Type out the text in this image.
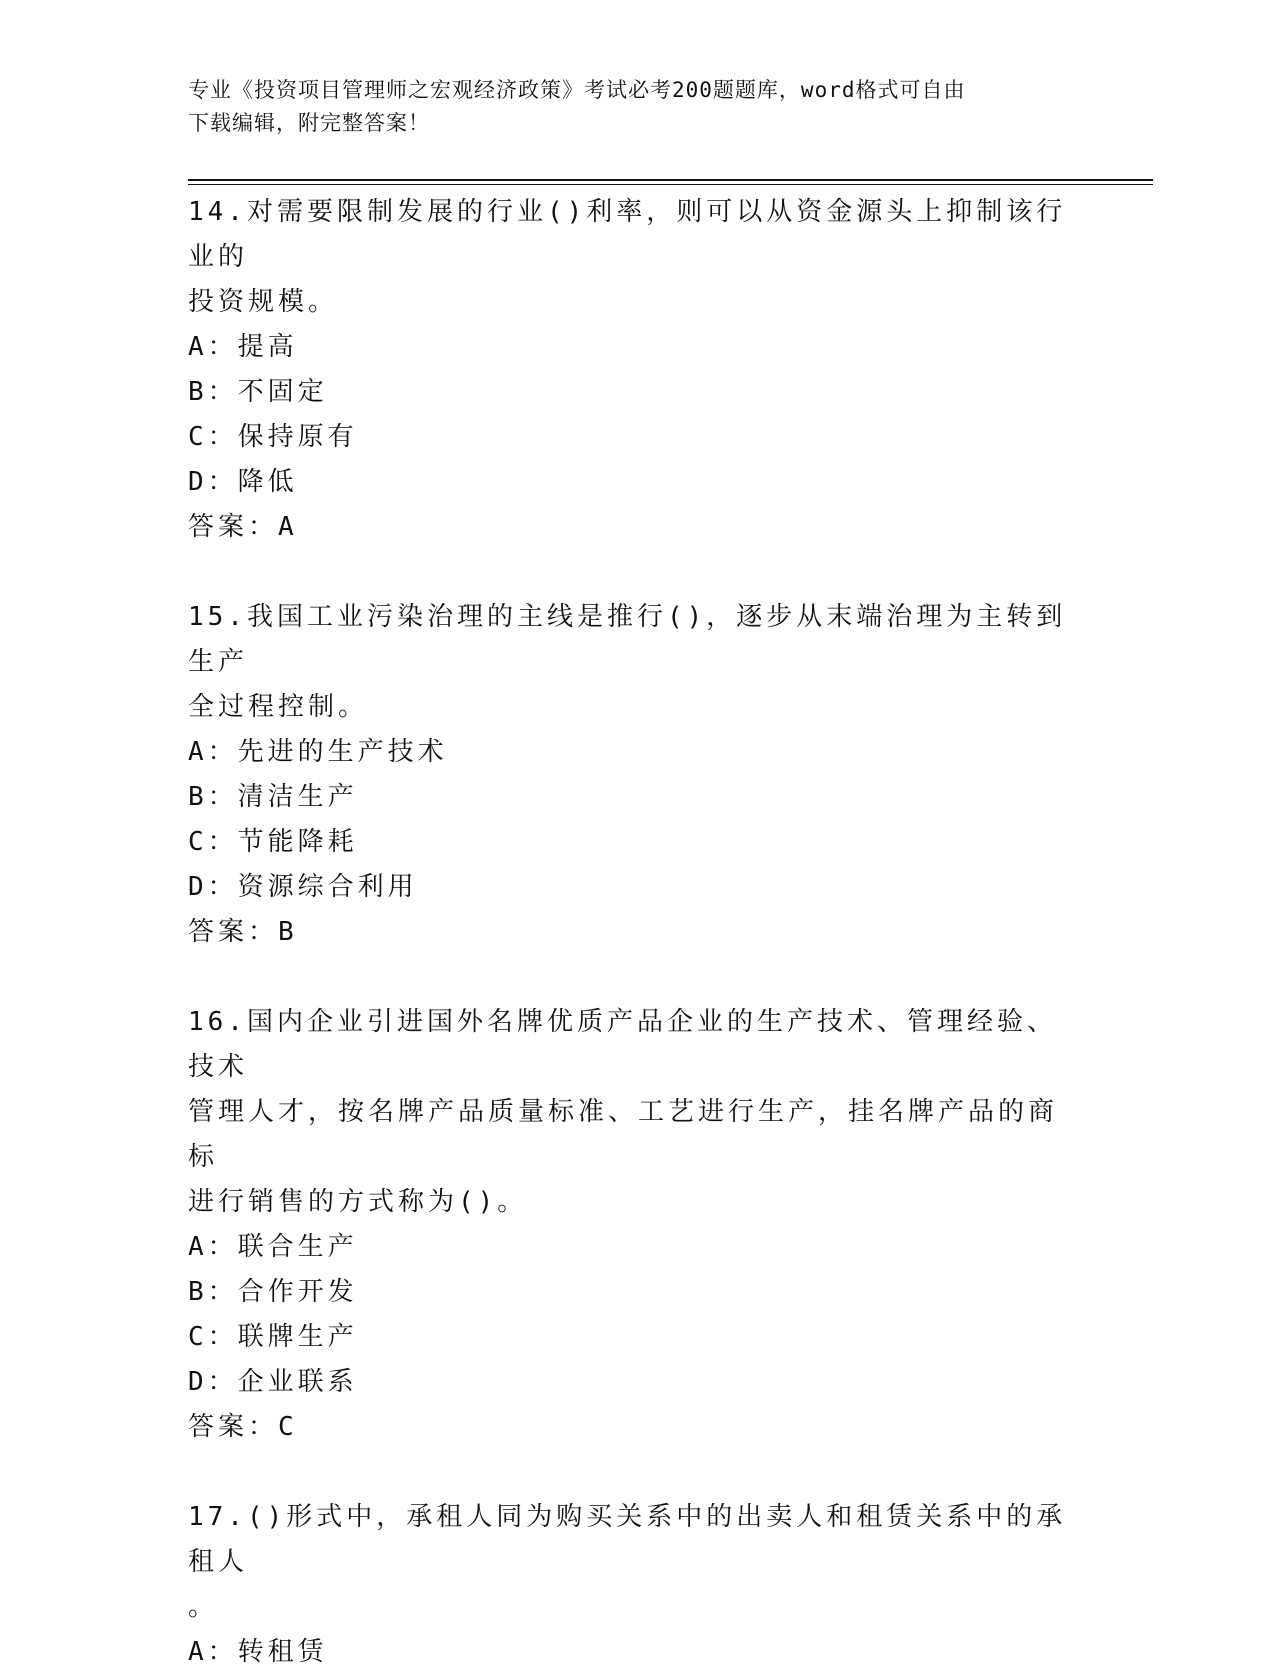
专业《投资项目管理师之宏观经济政策》考试必考200题题库，word格式可自由
下载编辑，附完整答案！

14.对需要限制发展的行业()利率，则可以从资金源头上抑制该行业的

投资规模。

A：提高

B：不固定

C：保持原有

D：降低

答案：A

15.我国工业污染治理的主线是推行()，逐步从末端治理为主转到生产

全过程控制。

A：先进的生产技术

B：清洁生产

C：节能降耗

D：资源综合利用

答案：B

16.国内企业引进国外名牌优质产品企业的生产技术、管理经验、技术

管理人才，按名牌产品质量标准、工艺进行生产，挂名牌产品的商标

进行销售的方式称为()。

A：联合生产

B：合作开发

C：联牌生产

D：企业联系

答案：C

17.()形式中，承租人同为购买关系中的出卖人和租赁关系中的承租人

。

A：转租赁
